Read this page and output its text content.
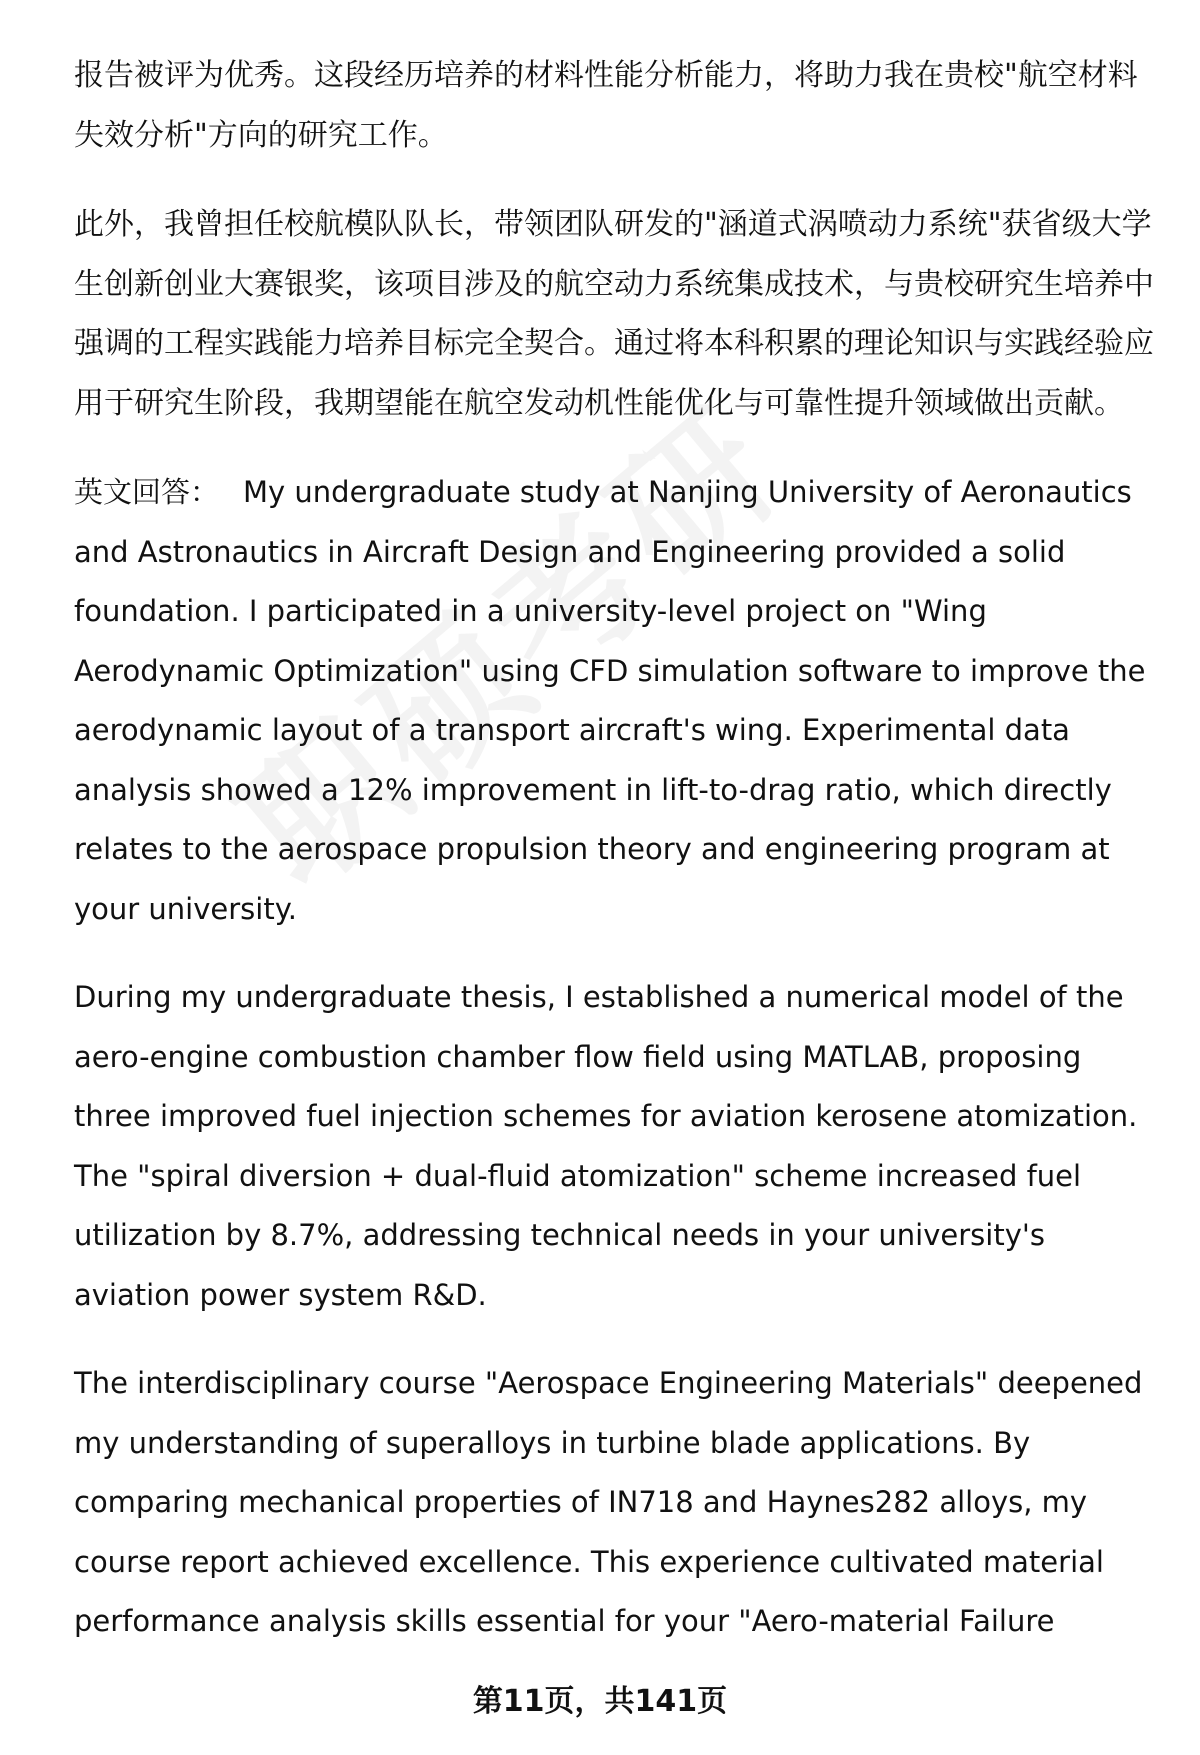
报告被评为优秀。这段经历培养的材料性能分析能力，将助力我在贵校"航空材料失效分析"方向的研究工作。

此外，我曾担任校航模队队长，带领团队研发的"涵道式涡喷动力系统"获省级大学生创新创业大赛银奖，该项目涉及的航空动力系统集成技术，与贵校研究生培养中强调的工程实践能力培养目标完全契合。通过将本科积累的理论知识与实践经验应用于研究生阶段，我期望能在航空发动机性能优化与可靠性提升领域做出贡献。

英文回答： My undergraduate study at Nanjing University of Aeronautics and Astronautics in Aircraft Design and Engineering provided a solid foundation. I participated in a university-level project on "Wing Aerodynamic Optimization" using CFD simulation software to improve the aerodynamic layout of a transport aircraft's wing. Experimental data analysis showed a 12% improvement in lift-to-drag ratio, which directly relates to the aerospace propulsion theory and engineering program at your university.

During my undergraduate thesis, I established a numerical model of the aero-engine combustion chamber flow field using MATLAB, proposing three improved fuel injection schemes for aviation kerosene atomization. The "spiral diversion + dual-fluid atomization" scheme increased fuel utilization by 8.7%, addressing technical needs in your university's aviation power system R&D.

The interdisciplinary course "Aerospace Engineering Materials" deepened my understanding of superalloys in turbine blade applications. By comparing mechanical properties of IN718 and Haynes282 alloys, my course report achieved excellence. This experience cultivated material performance analysis skills essential for your "Aero-material Failure

第11页，共141页
